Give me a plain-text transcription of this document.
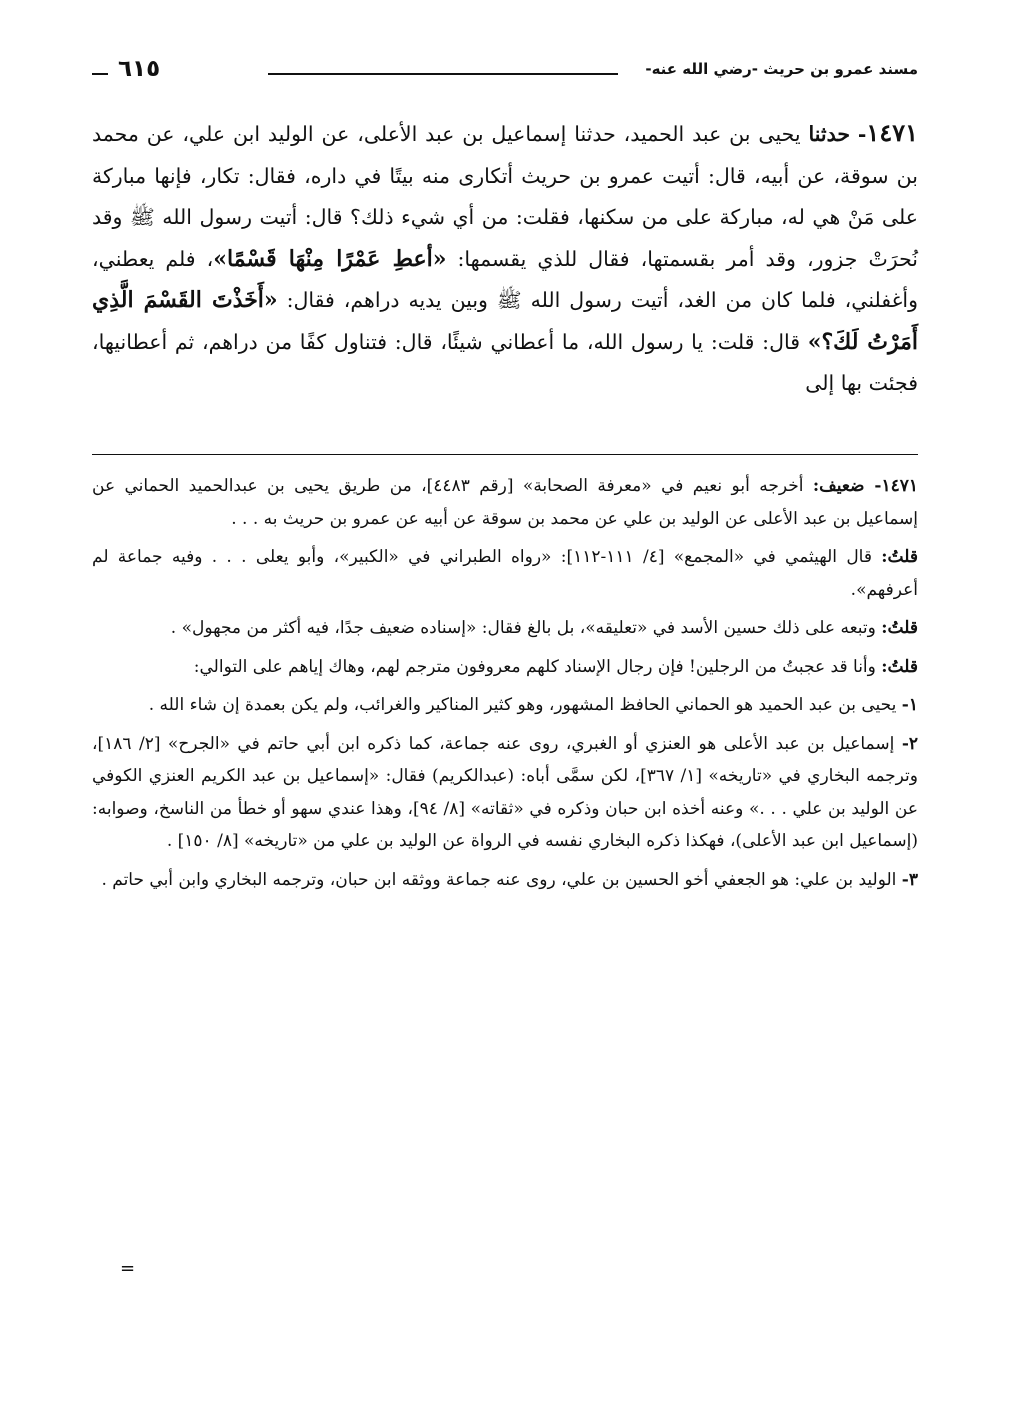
مسند عمرو بن حريث -رضي الله عنه-
٦١٥
١٤٧١- حدثنا يحيى بن عبد الحميد، حدثنا إسماعيل بن عبد الأعلى، عن الوليد ابن علي، عن محمد بن سوقة، عن أبيه، قال: أتيت عمرو بن حريث أتكارى منه بيتًا في داره، فقال: تكار، فإنها مباركة على مَنْ هي له، مباركة على من سكنها، فقلت: من أي شيء ذلك؟ قال: أتيت رسول الله ﷺ وقد نُحرَتْ جزور، وقد أمر بقسمتها، فقال للذي يقسمها: «أعطِ عَمْرًا مِنْهَا قَسْمًا»، فلم يعطني، وأغفلني، فلما كان من الغد، أتيت رسول الله ﷺ وبين يديه دراهم، فقال: «أَخَذْتَ القَسْمَ الَّذِي أَمَرْتُ لَكَ؟» قال: قلت: يا رسول الله، ما أعطاني شيئًا، قال: فتناول كفًا من دراهم، ثم أعطانيها، فجئت بها إلى

١٤٧١- ضعيف: أخرجه أبو نعيم في «معرفة الصحابة» [رقم ٤٤٨٣]، من طريق يحيى بن عبدالحميد الحماني عن إسماعيل بن عبد الأعلى عن الوليد بن علي عن محمد بن سوقة عن أبيه عن عمرو بن حريث به . . .

قلتُ: قال الهيثمي في «المجمع» [٤/ ١١١-١١٢]: «رواه الطبراني في «الكبير»، وأبو يعلى . . . وفيه جماعة لم أعرفهم».

قلتُ: وتبعه على ذلك حسين الأسد في «تعليقه»، بل بالغ فقال: «إسناده ضعيف جدًا، فيه أكثر من مجهول» .

قلتُ: وأنا قد عجبتُ من الرجلين! فإن رجال الإسناد كلهم معروفون مترجم لهم، وهاك إياهم على التوالي:

١- يحيى بن عبد الحميد هو الحماني الحافظ المشهور، وهو كثير المناكير والغرائب، ولم يكن بعمدة إن شاء الله .

٢- إسماعيل بن عبد الأعلى هو العنزي أو الغبري، روى عنه جماعة، كما ذكره ابن أبي حاتم في «الجرح» [٢/ ١٨٦]، وترجمه البخاري في «تاريخه» [١/ ٣٦٧]، لكن سمَّى أباه: (عبدالكريم) فقال: «إسماعيل بن عبد الكريم العنزي الكوفي عن الوليد بن علي . . .» وعنه أخذه ابن حبان وذكره في «ثقاته» [٨/ ٩٤]، وهذا عندي سهو أو خطأ من الناسخ، وصوابه: (إسماعيل ابن عبد الأعلى)، فهكذا ذكره البخاري نفسه في الرواة عن الوليد بن علي من «تاريخه» [٨/ ١٥٠] .

٣- الوليد بن علي: هو الجعفي أخو الحسين بن علي، روى عنه جماعة ووثقه ابن حبان، وترجمه البخاري وابن أبي حاتم .

=
